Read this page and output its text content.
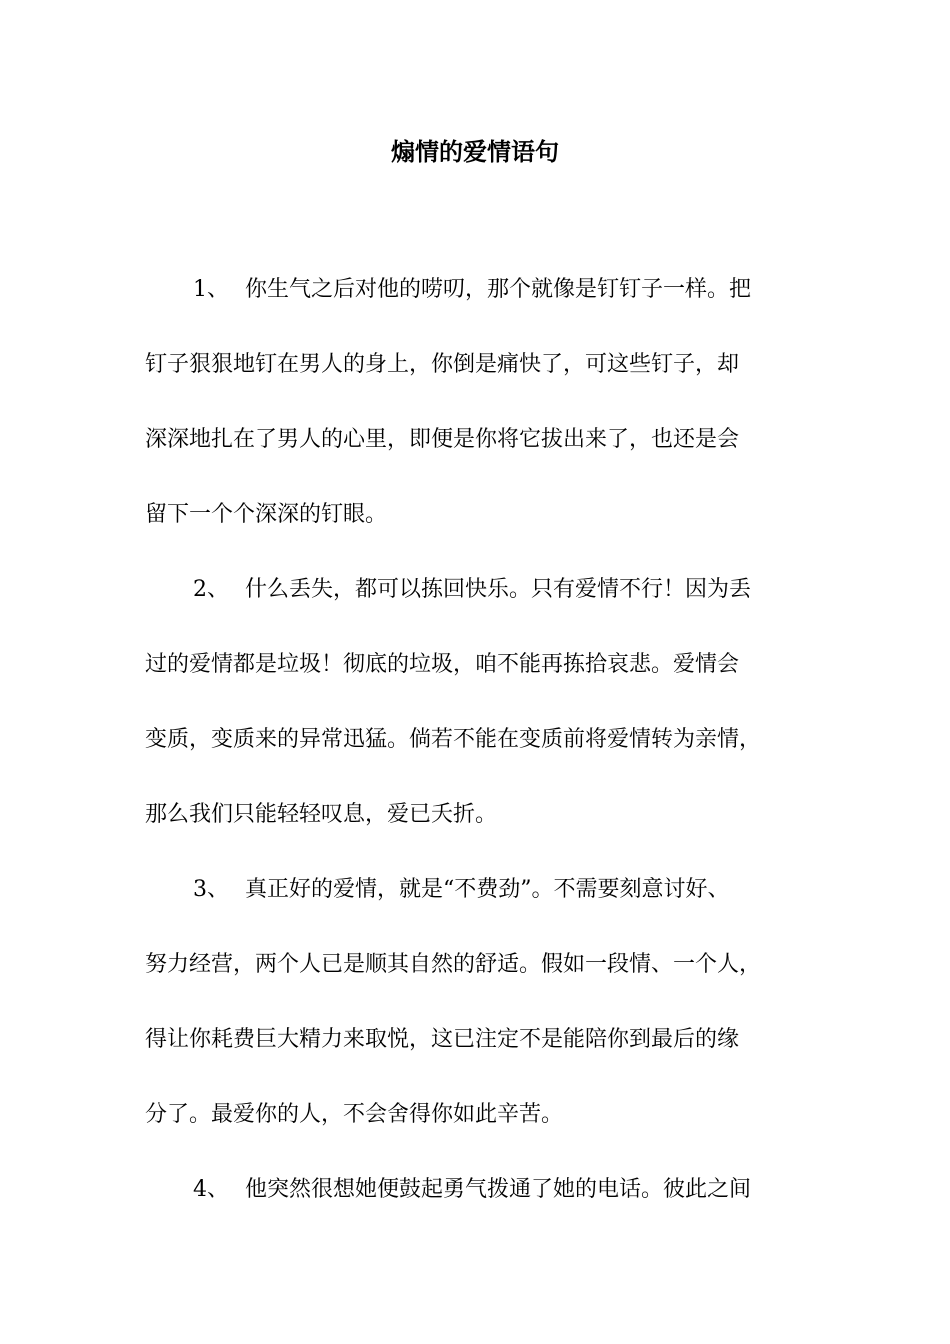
煽情的爱情语句

1、 你生气之后对他的唠叨，那个就像是钉钉子一样。把
钉子狠狠地钉在男人的身上，你倒是痛快了，可这些钉子，却
深深地扎在了男人的心里，即便是你将它拔出来了，也还是会
留下一个个深深的钉眼。

2、 什么丢失，都可以拣回快乐。只有爱情不行！因为丢
过的爱情都是垃圾！彻底的垃圾，咱不能再拣拾哀悲。爱情会
变质，变质来的异常迅猛。倘若不能在变质前将爱情转为亲情，
那么我们只能轻轻叹息，爱已夭折。

3、 真正好的爱情，就是“不费劲”。不需要刻意讨好、
努力经营，两个人已是顺其自然的舒适。假如一段情、一个人，
得让你耗费巨大精力来取悦，这已注定不是能陪你到最后的缘
分了。最爱你的人，不会舍得你如此辛苦。

4、 他突然很想她便鼓起勇气拨通了她的电话。彼此之间
